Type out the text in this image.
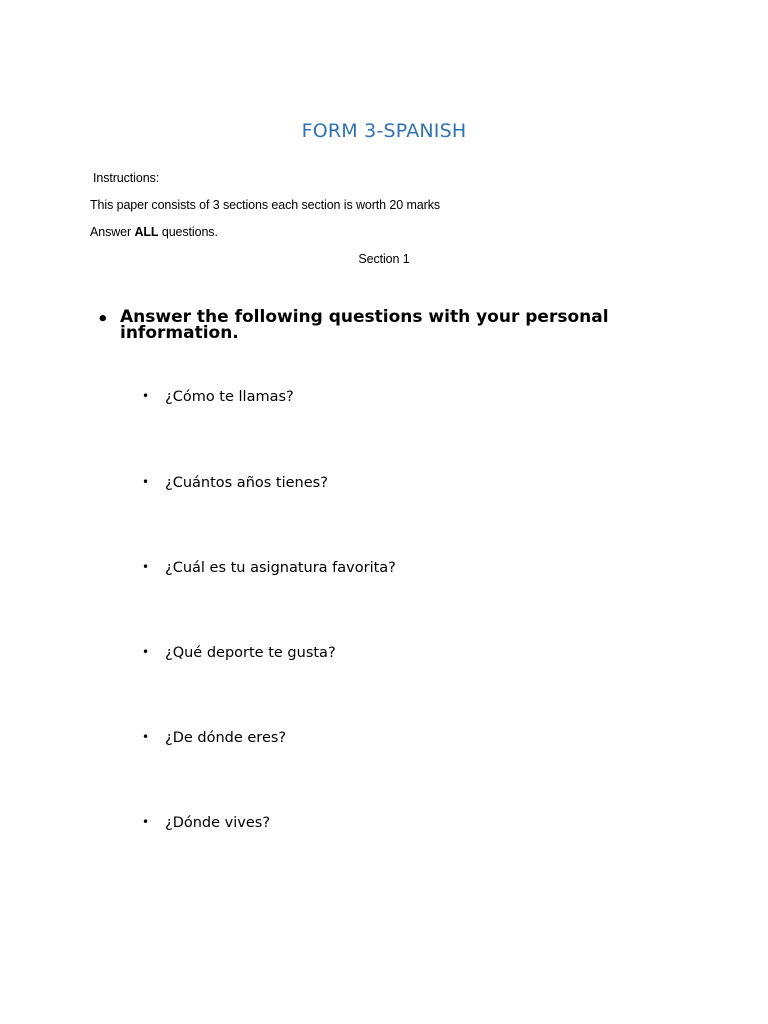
FORM 3-SPANISH
Instructions:
This paper consists of 3 sections each section is worth 20 marks
Answer ALL questions.
Section 1
• Answer the following questions with your personal information.
• ¿Cómo te llamas?
• ¿Cuántos años tienes?
• ¿Cuál es tu asignatura favorita?
• ¿Qué deporte te gusta?
• ¿De dónde eres?
• ¿Dónde vives?
